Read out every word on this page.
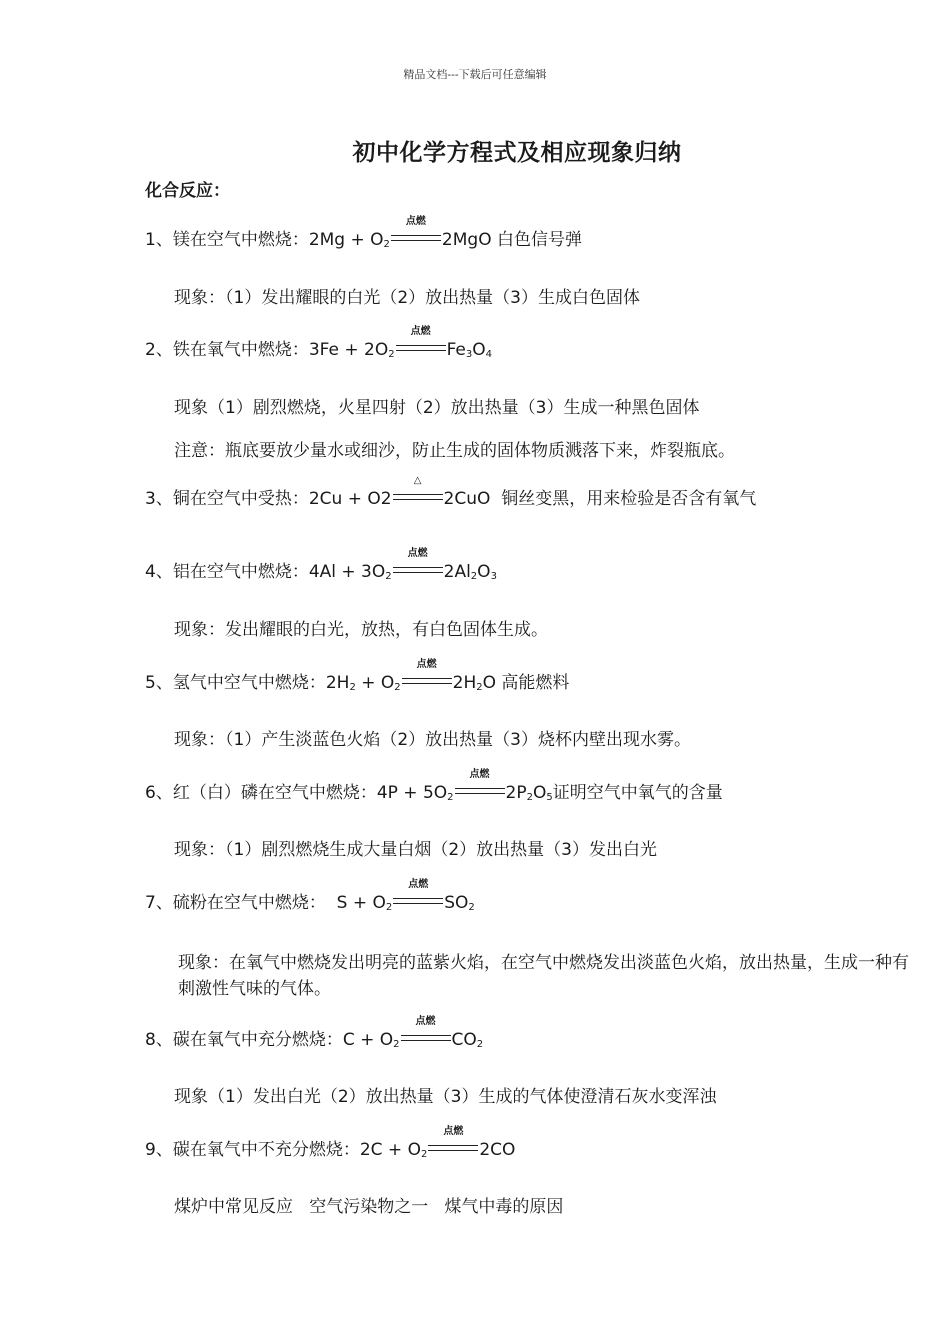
精品文档---下载后可任意编辑
初中化学方程式及相应现象归纳
化合反应：
1、镁在空气中燃烧：$2Mg + O_2$
点燃
2MgO 白色信号弹
现象：（1）发出耀眼的白光（2）放出热量（3）生成白色固体
2、铁在氧气中燃烧：$3Fe + 2O_2$
点燃
$Fe_3O_4$
现象（1）剧烈燃烧，火星四射（2）放出热量（3）生成一种黑色固体
注意：瓶底要放少量水或细沙，防止生成的固体物质溅落下来，炸裂瓶底。
3、铜在空气中受热：2Cu + O2
△
2CuO  铜丝变黑，用来检验是否含有氧气
4、铝在空气中燃烧：$4Al + 3O_2$
点燃
$2Al_2O_3$
现象：发出耀眼的白光，放热，有白色固体生成。
5、氢气中空气中燃烧：$2H_2 + O_2$
点燃
$2H_2O$ 高能燃料
现象：（1）产生淡蓝色火焰（2）放出热量（3）烧杯内壁出现水雾。
6、红（白）磷在空气中燃烧：$4P + 5O_2$
点燃
$2P_2O_5$证明空气中氧气的含量
现象：（1）剧烈燃烧生成大量白烟（2）放出热量（3）发出白光
7、硫粉在空气中燃烧：  $S + O_2$
点燃
$SO_2$
现象：在氧气中燃烧发出明亮的蓝紫火焰，在空气中燃烧发出淡蓝色火焰，放出热量，生成一种有刺激性气味的气体。
8、碳在氧气中充分燃烧：$C + O_2$
点燃
$CO_2$
现象（1）发出白光（2）放出热量（3）生成的气体使澄清石灰水变浑浊
9、碳在氧气中不充分燃烧：$2C + O_2$
点燃
2CO
煤炉中常见反应   空气污染物之一   煤气中毒的原因
